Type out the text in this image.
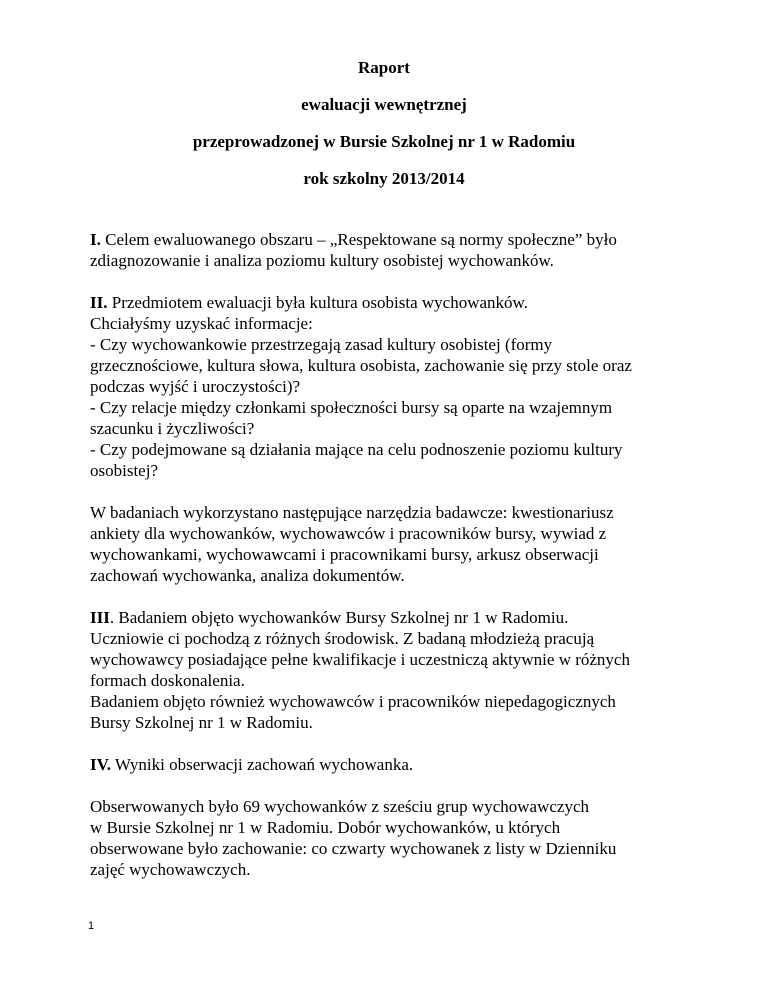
Raport
ewaluacji wewnętrznej
przeprowadzonej w Bursie Szkolnej nr 1 w Radomiu
rok szkolny 2013/2014
I. Celem ewaluowanego obszaru – „Respektowane są normy społeczne” było
zdiagnozowanie i analiza poziomu kultury osobistej wychowanków.
II. Przedmiotem ewaluacji była kultura osobista wychowanków.
Chciałyśmy uzyskać informacje:
- Czy wychowankowie przestrzegają zasad kultury osobistej (formy
grzecznościowe, kultura słowa, kultura osobista, zachowanie się przy stole oraz
podczas wyjść i uroczystości)?
- Czy relacje między członkami społeczności bursy są oparte na wzajemnym
szacunku i życzliwości?
- Czy podejmowane są działania mające na celu podnoszenie poziomu kultury
osobistej?
W badaniach wykorzystano następujące narzędzia badawcze: kwestionariusz
ankiety dla wychowanków, wychowawców i pracowników bursy, wywiad z
wychowankami, wychowawcami i pracownikami bursy, arkusz obserwacji
zachowań wychowanka, analiza dokumentów.
III. Badaniem objęto wychowanków Bursy Szkolnej nr 1 w Radomiu.
Uczniowie ci pochodzą z różnych środowisk. Z badaną młodzieżą pracują
wychowawcy posiadające pełne kwalifikacje i uczestniczą aktywnie w różnych
formach doskonalenia.
Badaniem objęto również wychowawców i pracowników niepedagogicznych
Bursy Szkolnej nr 1 w Radomiu.
IV. Wyniki obserwacji zachowań wychowanka.
Obserwowanych było 69 wychowanków z sześciu grup wychowawczych
w Bursie Szkolnej nr 1 w Radomiu. Dobór wychowanków, u których
obserwowane było zachowanie: co czwarty wychowanek z listy w Dzienniku
zajęć wychowawczych.
1
